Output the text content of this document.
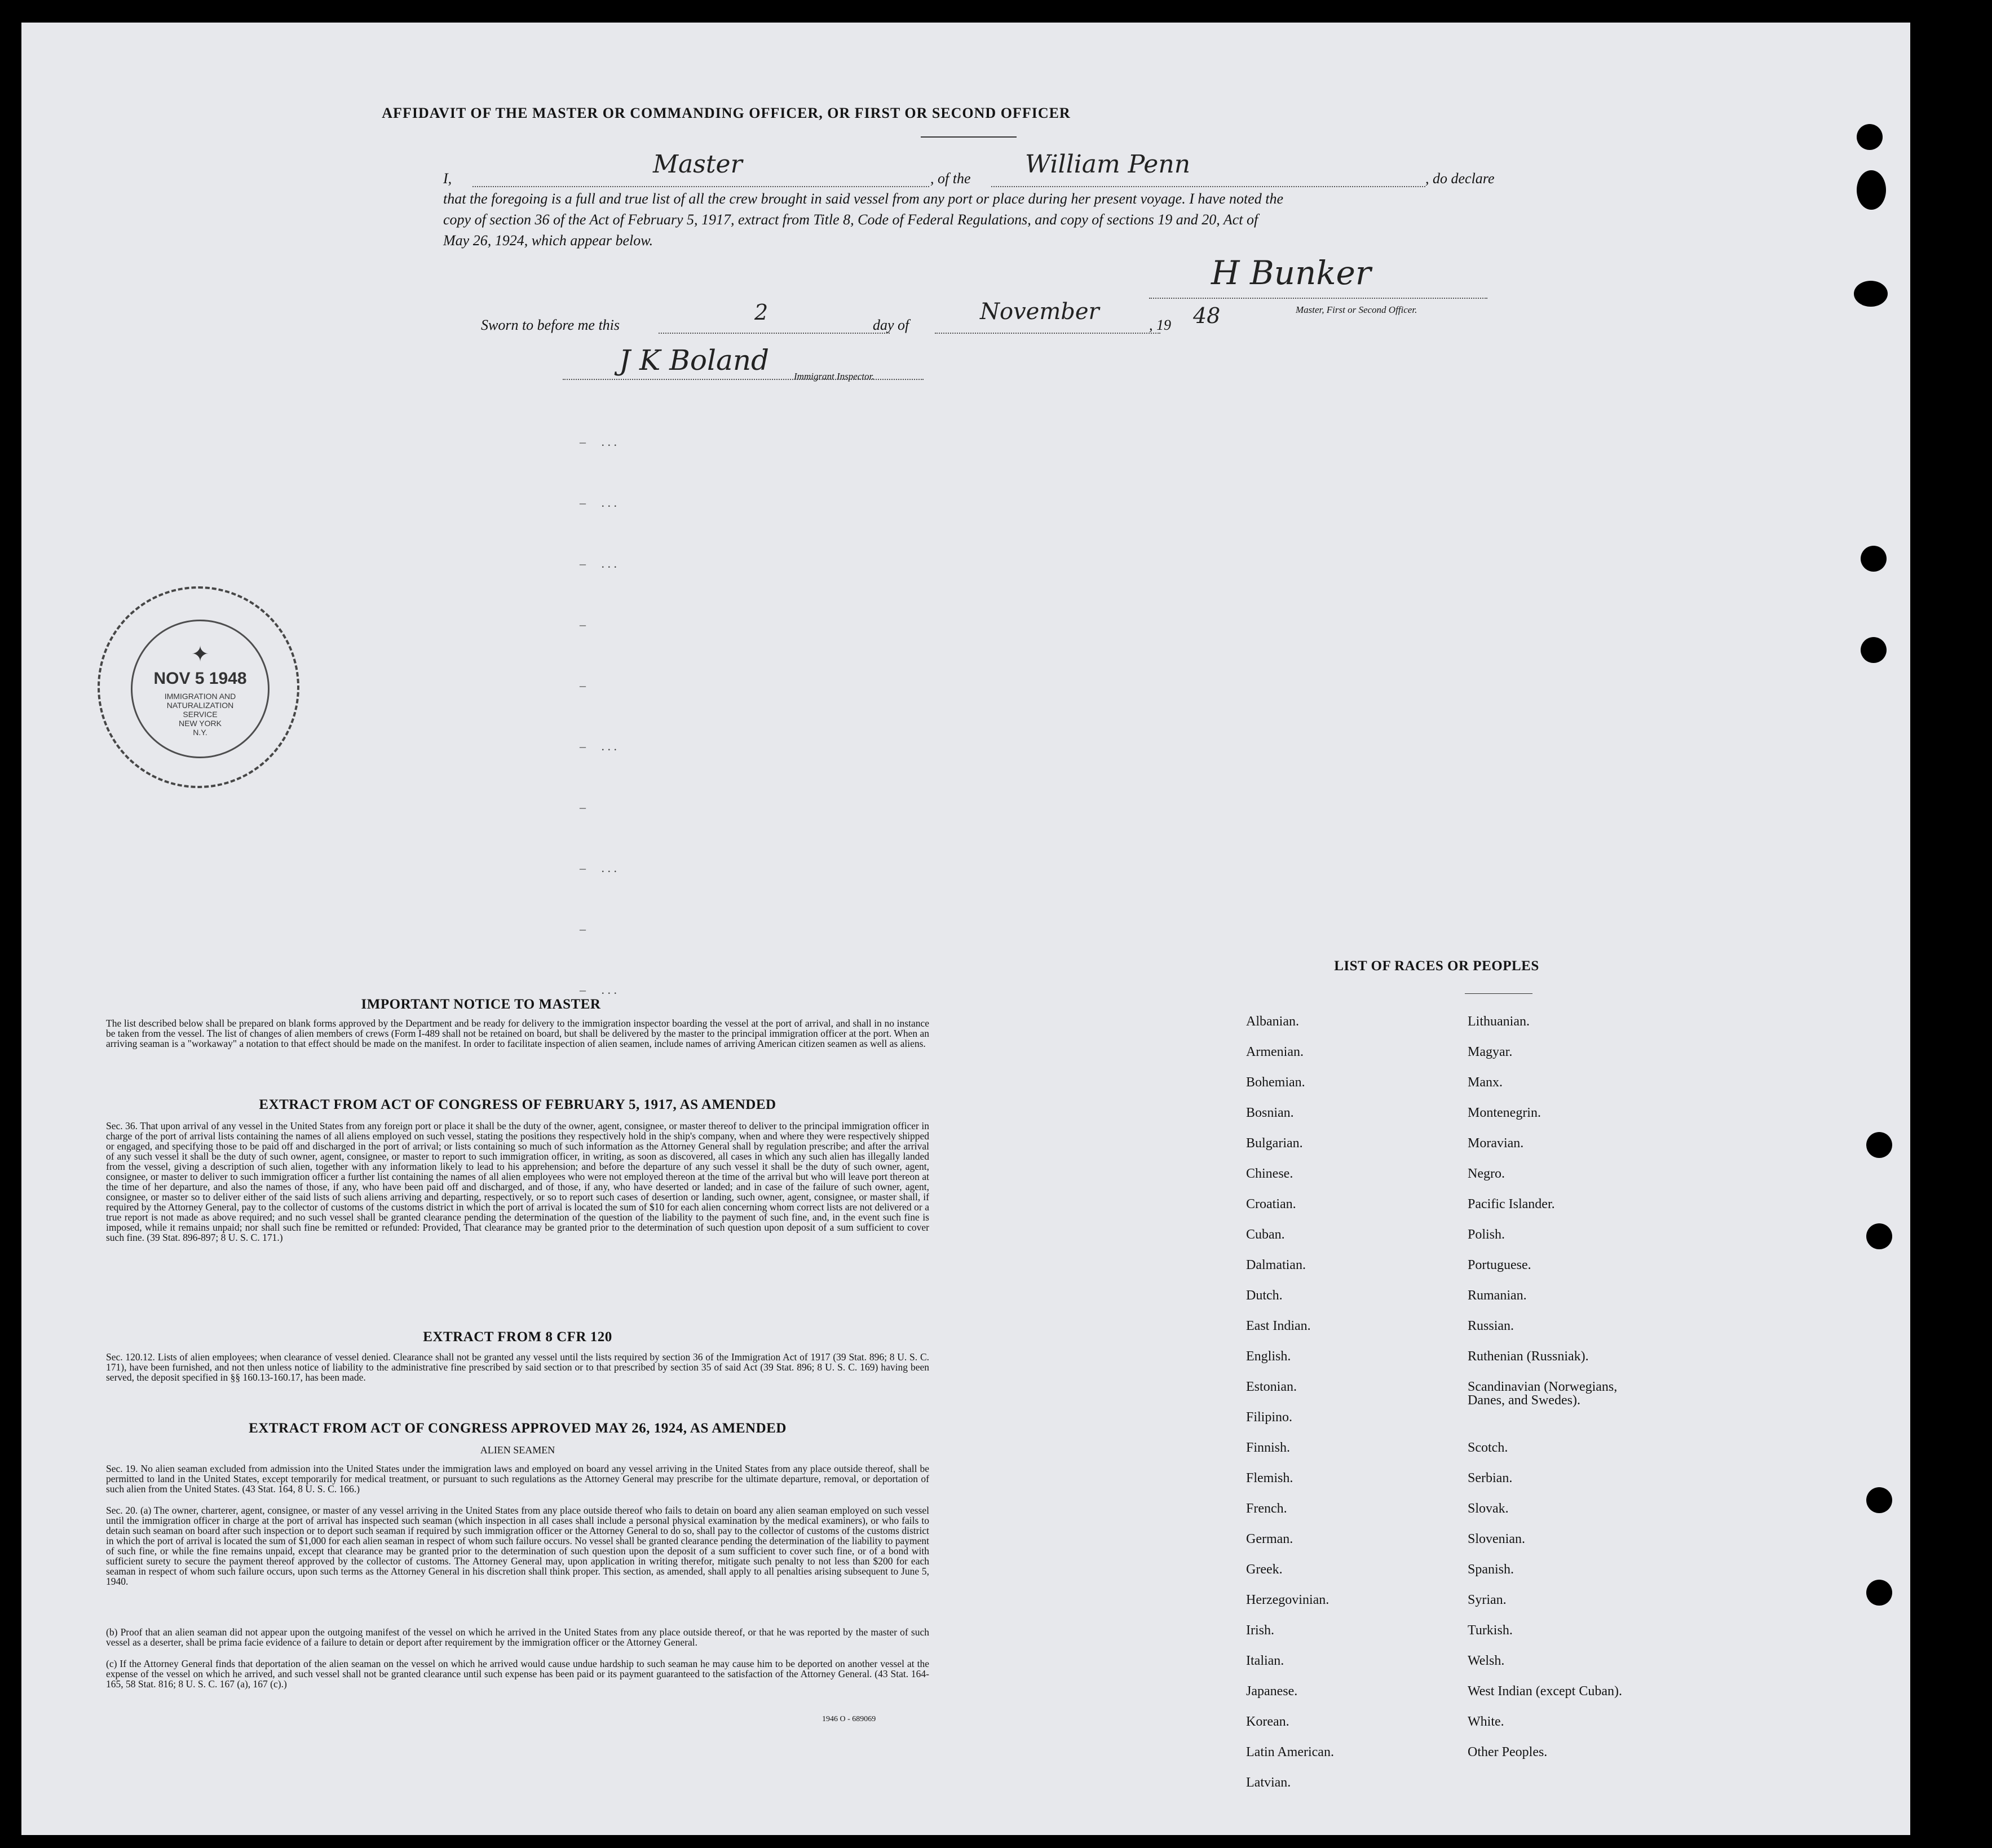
AFFIDAVIT OF THE MASTER OR COMMANDING OFFICER, OR FIRST OR SECOND OFFICER
I,	Master	, of the William Penn	, do declare
that the foregoing is a full and true list of all the crew brought in said vessel from any port or place during her present voyage. I have noted the
copy of section 36 of the Act of February 5, 1917, extract from Title 8, Code of Federal Regulations, and copy of sections 19 and 20, Act of
May 26, 1924, which appear below.
H Bunker
Master, First or Second Officer.
Sworn to before me this
2
day of
November
, 19 48
J K Boland	Immigrant Inspector.
–     . . .
–     . . .
–     . . .
–
–
–     . . .
–
–     . . .
–
–     . . .
✦
NOV 5 1948
IMMIGRATION AND
NATURALIZATION
SERVICE
NEW YORK
N.Y.
IMPORTANT NOTICE TO MASTER
The list described below shall be prepared on blank forms approved by the Department and be ready for delivery to the immigration inspector boarding the vessel at the port of arrival, and shall in no instance be taken from the vessel. The list of changes of alien members of crews (Form I-489 shall not be retained on board, but shall be delivered by the master to the principal immigration officer at the port. When an arriving seaman is a "workaway" a notation to that effect should be made on the manifest. In order to facilitate inspection of alien seamen, include names of arriving American citizen seamen as well as aliens.
EXTRACT FROM ACT OF CONGRESS OF FEBRUARY 5, 1917, AS AMENDED
Sec. 36. That upon arrival of any vessel in the United States from any foreign port or place it shall be the duty of the owner, agent, consignee, or master thereof to deliver to the principal immigration officer in charge of the port of arrival lists containing the names of all aliens employed on such vessel, stating the positions they respectively hold in the ship's company, when and where they were respectively shipped or engaged, and specifying those to be paid off and discharged in the port of arrival; or lists containing so much of such information as the Attorney General shall by regulation prescribe; and after the arrival of any such vessel it shall be the duty of such owner, agent, consignee, or master to report to such immigration officer, in writing, as soon as discovered, all cases in which any such alien has illegally landed from the vessel, giving a description of such alien, together with any information likely to lead to his apprehension; and before the departure of any such vessel it shall be the duty of such owner, agent, consignee, or master to deliver to such immigration officer a further list containing the names of all alien employees who were not employed thereon at the time of the arrival but who will leave port thereon at the time of her departure, and also the names of those, if any, who have been paid off and discharged, and of those, if any, who have deserted or landed; and in case of the failure of such owner, agent, consignee, or master so to deliver either of the said lists of such aliens arriving and departing, respectively, or so to report such cases of desertion or landing, such owner, agent, consignee, or master shall, if required by the Attorney General, pay to the collector of customs of the customs district in which the port of arrival is located the sum of $10 for each alien concerning whom correct lists are not delivered or a true report is not made as above required; and no such vessel shall be granted clearance pending the determination of the question of the liability to the payment of such fine, and, in the event such fine is imposed, while it remains unpaid; nor shall such fine be remitted or refunded: Provided, That clearance may be granted prior to the determination of such question upon deposit of a sum sufficient to cover such fine. (39 Stat. 896-897; 8 U. S. C. 171.)
EXTRACT FROM 8 CFR 120
Sec. 120.12. Lists of alien employees; when clearance of vessel denied. Clearance shall not be granted any vessel until the lists required by section 36 of the Immigration Act of 1917 (39 Stat. 896; 8 U. S. C. 171), have been furnished, and not then unless notice of liability to the administrative fine prescribed by said section or to that prescribed by section 35 of said Act (39 Stat. 896; 8 U. S. C. 169) having been served, the deposit specified in §§ 160.13-160.17, has been made.
EXTRACT FROM ACT OF CONGRESS APPROVED MAY 26, 1924, AS AMENDED
ALIEN SEAMEN
Sec. 19. No alien seaman excluded from admission into the United States under the immigration laws and employed on board any vessel arriving in the United States from any place outside thereof, shall be permitted to land in the United States, except temporarily for medical treatment, or pursuant to such regulations as the Attorney General may prescribe for the ultimate departure, removal, or deportation of such alien from the United States. (43 Stat. 164, 8 U. S. C. 166.)
Sec. 20. (a) The owner, charterer, agent, consignee, or master of any vessel arriving in the United States from any place outside thereof who fails to detain on board any alien seaman employed on such vessel until the immigration officer in charge at the port of arrival has inspected such seaman (which inspection in all cases shall include a personal physical examination by the medical examiners), or who fails to detain such seaman on board after such inspection or to deport such seaman if required by such immigration officer or the Attorney General to do so, shall pay to the collector of customs of the customs district in which the port of arrival is located the sum of $1,000 for each alien seaman in respect of whom such failure occurs. No vessel shall be granted clearance pending the determination of the liability to payment of such fine, or while the fine remains unpaid, except that clearance may be granted prior to the determination of such question upon the deposit of a sum sufficient to cover such fine, or of a bond with sufficient surety to secure the payment thereof approved by the collector of customs. The Attorney General may, upon application in writing therefor, mitigate such penalty to not less than $200 for each seaman in respect of whom such failure occurs, upon such terms as the Attorney General in his discretion shall think proper. This section, as amended, shall apply to all penalties arising subsequent to June 5, 1940.
(b) Proof that an alien seaman did not appear upon the outgoing manifest of the vessel on which he arrived in the United States from any place outside thereof, or that he was reported by the master of such vessel as a deserter, shall be prima facie evidence of a failure to detain or deport after requirement by the immigration officer or the Attorney General.
(c) If the Attorney General finds that deportation of the alien seaman on the vessel on which he arrived would cause undue hardship to such seaman he may cause him to be deported on another vessel at the expense of the vessel on which he arrived, and such vessel shall not be granted clearance until such expense has been paid or its payment guaranteed to the satisfaction of the Attorney General. (43 Stat. 164-165, 58 Stat. 816; 8 U. S. C. 167 (a), 167 (c).)
1946 O - 689069
LIST OF RACES OR PEOPLES
Albanian.
Armenian.
Bohemian.
Bosnian.
Bulgarian.
Chinese.
Croatian.
Cuban.
Dalmatian.
Dutch.
East Indian.
English.
Estonian.
Filipino.
Finnish.
Flemish.
French.
German.
Greek.
Herzegovinian.
Irish.
Italian.
Japanese.
Korean.
Latin American.
Latvian.
Lithuanian.
Magyar.
Manx.
Montenegrin.
Moravian.
Negro.
Pacific Islander.
Polish.
Portuguese.
Rumanian.
Russian.
Ruthenian (Russniak).
Scandinavian (Norwegians,
Danes, and Swedes).
Scotch.
Serbian.
Slovak.
Slovenian.
Spanish.
Syrian.
Turkish.
Welsh.
West Indian (except Cuban).
White.
Other Peoples.
